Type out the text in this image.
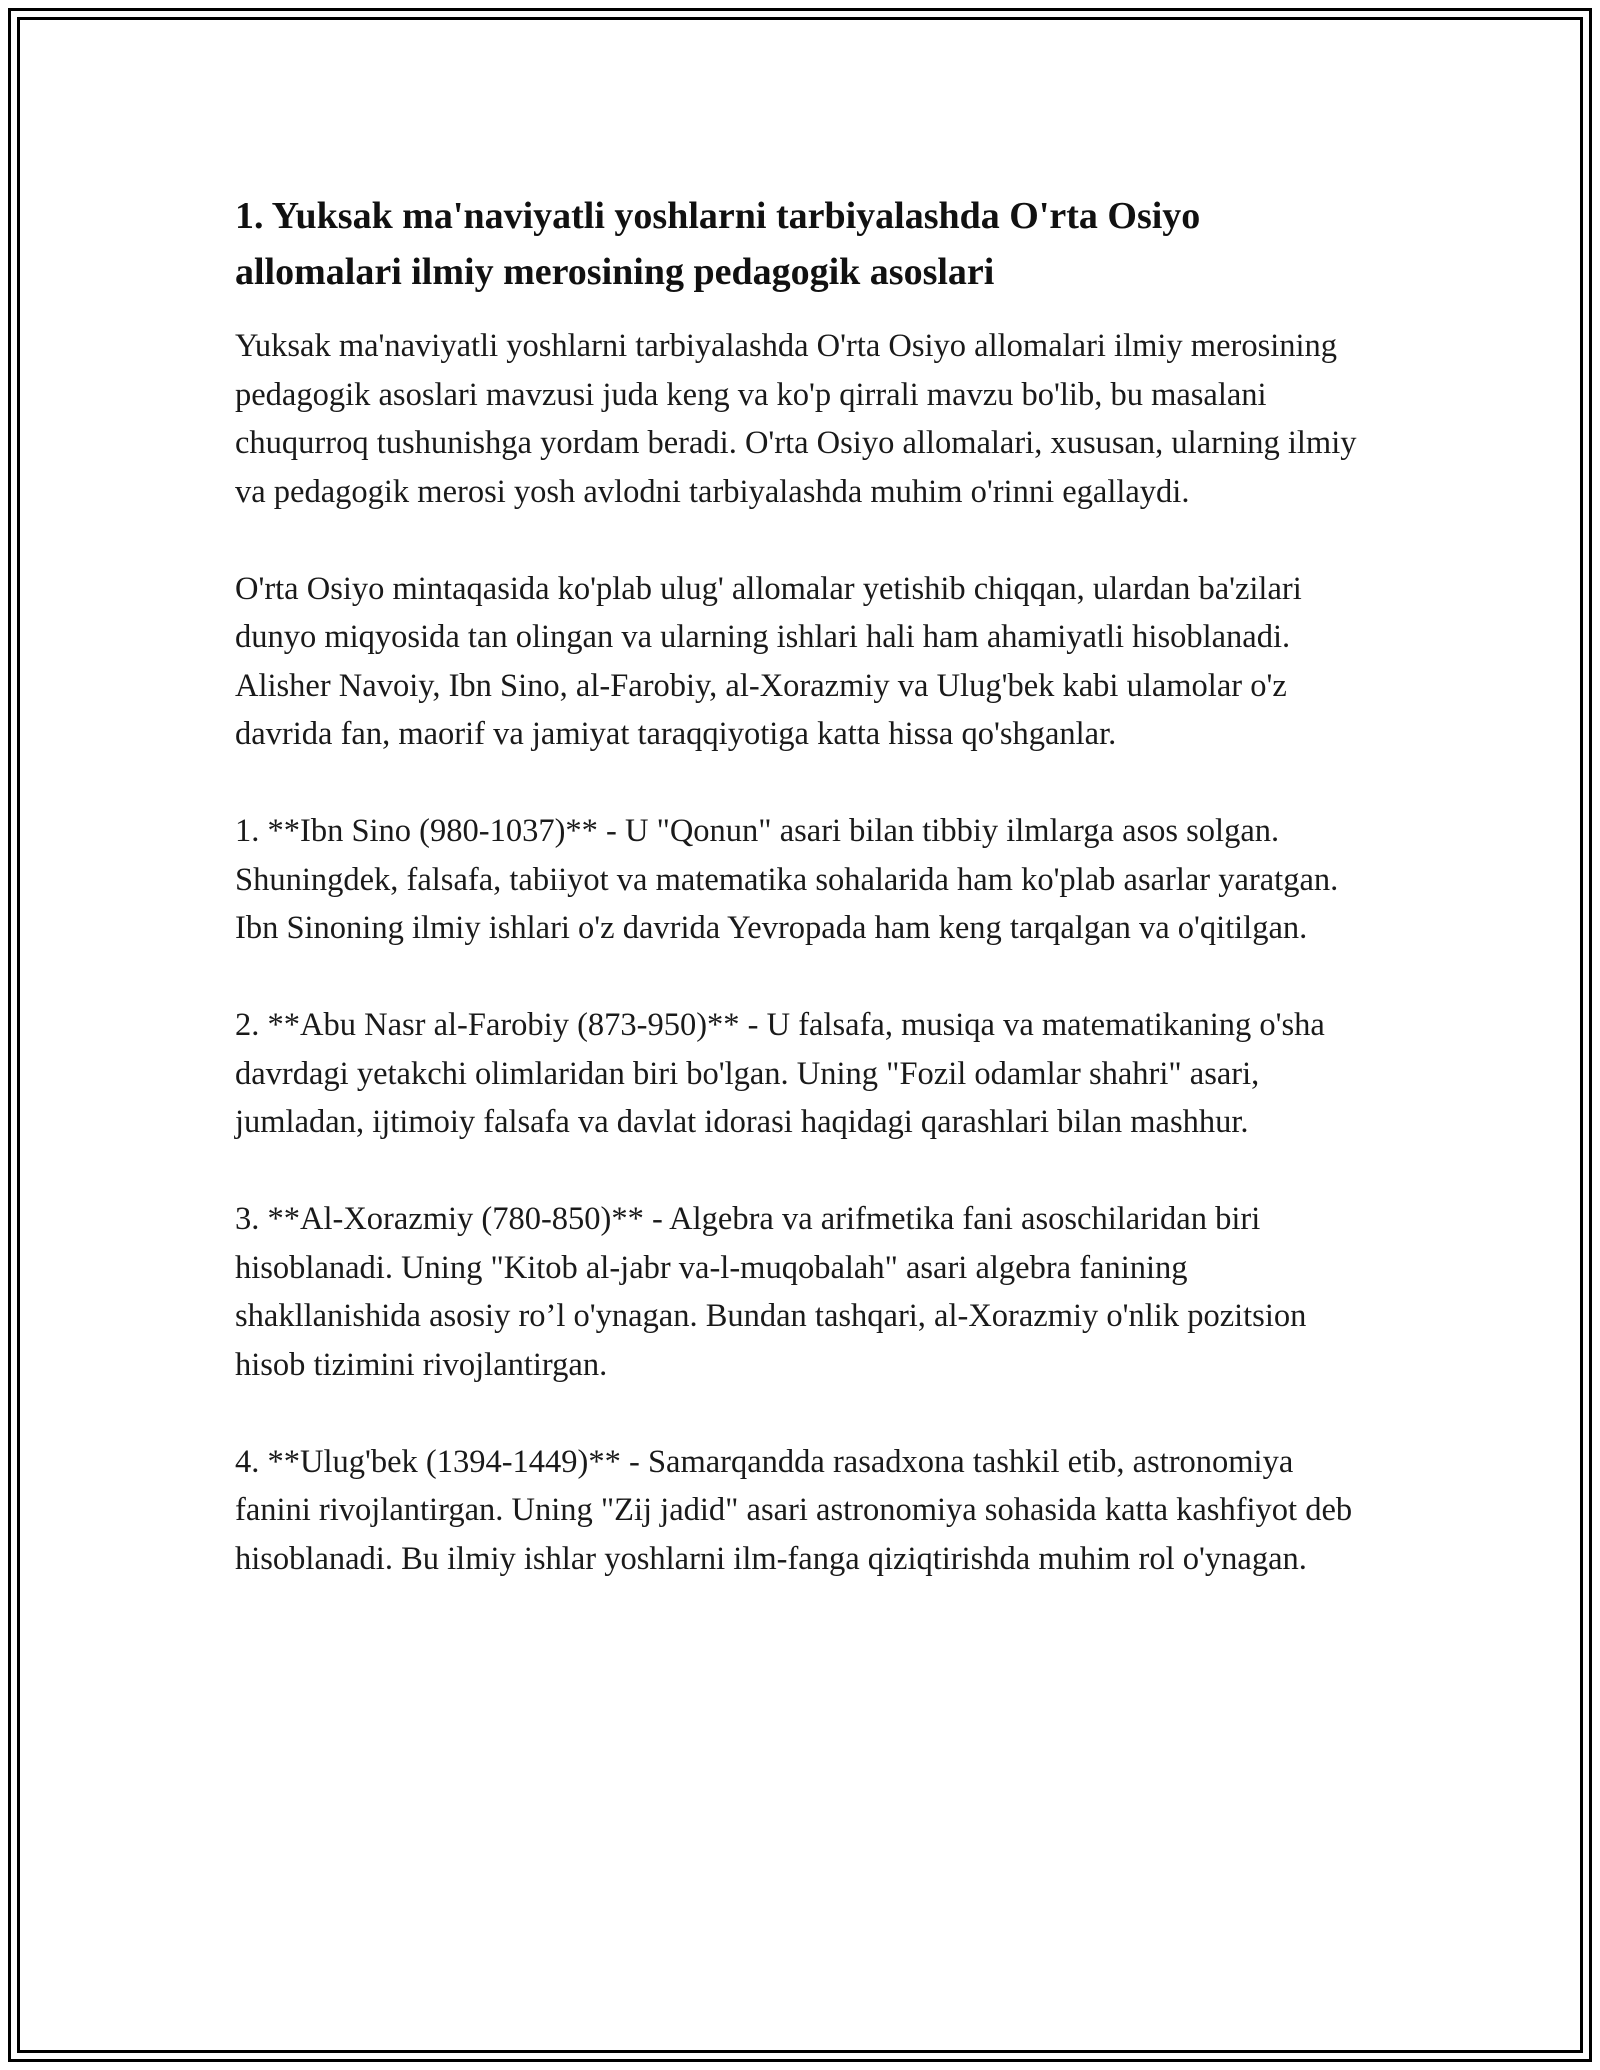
1. Yuksak ma'naviyatli yoshlarni tarbiyalashda O'rta Osiyo allomalari ilmiy merosining pedagogik asoslari

Yuksak ma'naviyatli yoshlarni tarbiyalashda O'rta Osiyo allomalari ilmiy merosining pedagogik asoslari mavzusi juda keng va ko'p qirrali mavzu bo'lib, bu masalani chuqurroq tushunishga yordam beradi. O'rta Osiyo allomalari, xususan, ularning ilmiy va pedagogik merosi yosh avlodni tarbiyalashda muhim o'rinni egallaydi.

O'rta Osiyo mintaqasida ko'plab ulug' allomalar yetishib chiqqan, ulardan ba'zilari dunyo miqyosida tan olingan va ularning ishlari hali ham ahamiyatli hisoblanadi. Alisher Navoiy, Ibn Sino, al-Farobiy, al-Xorazmiy va Ulug'bek kabi ulamolar o'z davrida fan, maorif va jamiyat taraqqiyotiga katta hissa qo'shganlar.

1. **Ibn Sino (980-1037)** - U "Qonun" asari bilan tibbiy ilmlarga asos solgan. Shuningdek, falsafa, tabiiyot va matematika sohalarida ham ko'plab asarlar yaratgan. Ibn Sinoning ilmiy ishlari o'z davrida Yevropada ham keng tarqalgan va o'qitilgan.

2. **Abu Nasr al-Farobiy (873-950)** - U falsafa, musiqa va matematikaning o'sha davrdagi yetakchi olimlaridan biri bo'lgan. Uning "Fozil odamlar shahri" asari, jumladan, ijtimoiy falsafa va davlat idorasi haqidagi qarashlari bilan mashhur.

3. **Al-Xorazmiy (780-850)** - Algebra va arifmetika fani asoschilaridan biri hisoblanadi. Uning "Kitob al-jabr va-l-muqobalah" asari algebra fanining shakllanishida asosiy ro’l o'ynagan. Bundan tashqari, al-Xorazmiy o'nlik pozitsion hisob tizimini rivojlantirgan.

4. **Ulug'bek (1394-1449)** - Samarqandda rasadxona tashkil etib, astronomiya fanini rivojlantirgan. Uning "Zij jadid" asari astronomiya sohasida katta kashfiyot deb hisoblanadi. Bu ilmiy ishlar yoshlarni ilm-fanga qiziqtirishda muhim rol o'ynagan.
